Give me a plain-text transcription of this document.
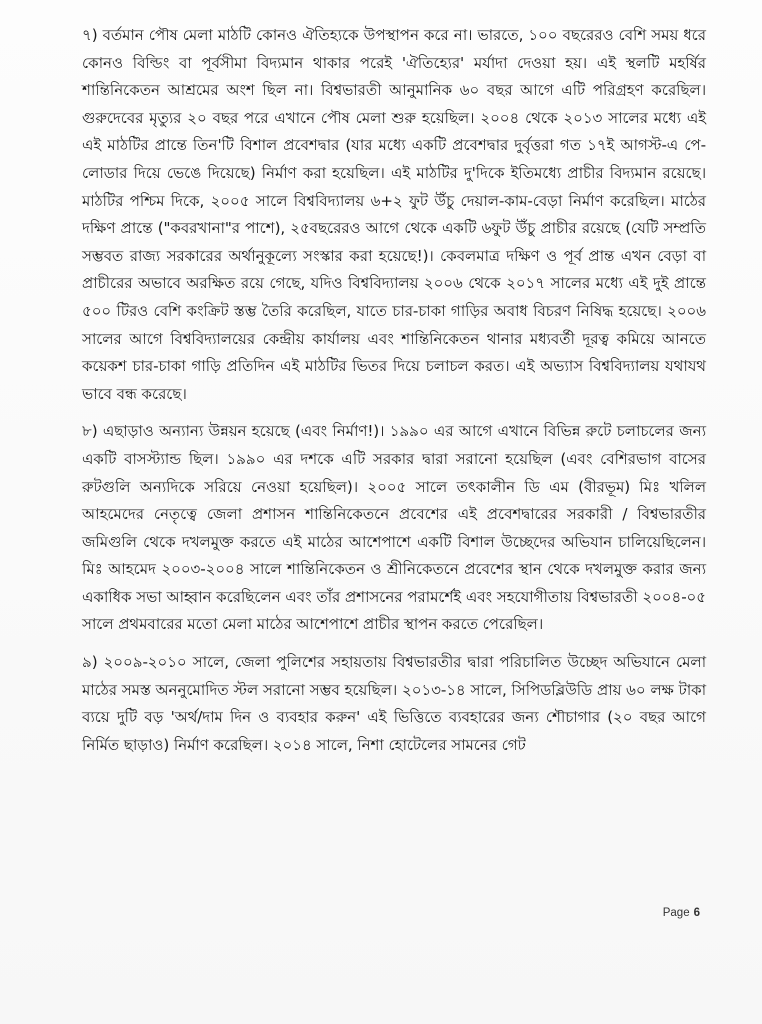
৭) বর্তমান পৌষ মেলা মাঠটি কোনও ঐতিহ্যকে উপস্থাপন করে না। ভারতে, ১০০ বছরেরও বেশি সময় ধরে কোনও বিল্ডিং বা পূর্বসীমা বিদ্যমান থাকার পরেই 'ঐতিহ্যের' মর্যাদা দেওয়া হয়। এই স্থলটি মহর্ষির শান্তিনিকেতন আশ্রমের অংশ ছিল না। বিশ্বভারতী আনুমানিক ৬০ বছর আগে এটি পরিগ্রহণ করেছিল। গুরুদেবের মৃত্যুর ২০ বছর পরে এখানে পৌষ মেলা শুরু হয়েছিল। ২০০৪ থেকে ২০১৩ সালের মধ্যে এই এই মাঠটির প্রান্তে তিন'টি বিশাল প্রবেশদ্বার (যার মধ্যে একটি প্রবেশদ্বার দুর্বৃত্তরা গত ১৭ই আগস্ট-এ পে-লোডার দিয়ে ভেঙে দিয়েছে) নির্মাণ করা হয়েছিল। এই মাঠটির দু'দিকে ইতিমধ্যে প্রাচীর বিদ্যমান রয়েছে। মাঠটির পশ্চিম দিকে, ২০০৫ সালে বিশ্ববিদ্যালয় ৬+২ ফুট উঁচু দেয়াল-কাম-বেড়া নির্মাণ করেছিল। মাঠের দক্ষিণ প্রান্তে ("কবরখানা"র পাশে), ২৫বছরেরও আগে থেকে একটি ৬ফুট উঁচু প্রাচীর রয়েছে (যেটি সম্প্রতি সম্ভবত রাজ্য সরকারের অর্থানুকূল্যে সংস্কার করা হয়েছে!)। কেবলমাত্র দক্ষিণ ও পূর্ব প্রান্ত এখন বেড়া বা প্রাচীরের অভাবে অরক্ষিত রয়ে গেছে, যদিও বিশ্ববিদ্যালয় ২০০৬ থেকে ২০১৭ সালের মধ্যে এই দুই প্রান্তে ৫০০ টিরও বেশি কংক্রিট স্তম্ভ তৈরি করেছিল, যাতে চার-চাকা গাড়ির অবাধ বিচরণ নিষিদ্ধ হয়েছে। ২০০৬ সালের আগে বিশ্ববিদ্যালয়ের কেন্দ্রীয় কার্যালয় এবং শান্তিনিকেতন থানার মধ্যবর্তী দূরত্ব কমিয়ে আনতে কয়েকশ চার-চাকা গাড়ি প্রতিদিন এই মাঠটির ভিতর দিয়ে চলাচল করত। এই অভ্যাস বিশ্ববিদ্যালয় যথাযথ ভাবে বন্ধ করেছে।

৮) এছাড়াও অন্যান্য উন্নয়ন হয়েছে (এবং নির্মাণ!)। ১৯৯০ এর আগে এখানে বিভিন্ন রুটে চলাচলের জন্য একটি বাসস্ট্যান্ড ছিল। ১৯৯০ এর দশকে এটি সরকার দ্বারা সরানো হয়েছিল (এবং বেশিরভাগ বাসের রুটগুলি অন্যদিকে সরিয়ে নেওয়া হয়েছিল)। ২০০৫ সালে তৎকালীন ডি এম (বীরভূম) মিঃ খলিল আহমেদের নেতৃত্বে জেলা প্রশাসন শান্তিনিকেতনে প্রবেশের এই প্রবেশদ্বারের সরকারী / বিশ্বভারতীর জমিগুলি থেকে দখলমুক্ত করতে এই মাঠের আশেপাশে একটি বিশাল উচ্ছেদের অভিযান চালিয়েছিলেন। মিঃ আহমেদ ২০০৩-২০০৪ সালে শান্তিনিকেতন ও শ্রীনিকেতনে প্রবেশের স্থান থেকে দখলমুক্ত করার জন্য একাধিক সভা আহ্বান করেছিলেন এবং তাঁর প্রশাসনের পরামর্শেই এবং সহযোগীতায় বিশ্বভারতী ২০০৪-০৫ সালে প্রথমবারের মতো মেলা মাঠের আশেপাশে প্রাচীর স্থাপন করতে পেরেছিল।

৯) ২০০৯-২০১০ সালে, জেলা পুলিশের সহায়তায় বিশ্বভারতীর দ্বারা পরিচালিত উচ্ছেদ অভিযানে মেলা মাঠের সমস্ত অননুমোদিত স্টল সরানো সম্ভব হয়েছিল। ২০১৩-১৪ সালে, সিপিডব্লিউডি প্রায় ৬০ লক্ষ টাকা ব্যয়ে দুটি বড় 'অর্থ/দাম দিন ও ব্যবহার করুন' এই ভিত্তিতে ব্যবহারের জন্য শৌচাগার (২০ বছর আগে নির্মিত ছাড়াও) নির্মাণ করেছিল। ২০১৪ সালে, নিশা হোটেলের সামনের গেট

Page 6
